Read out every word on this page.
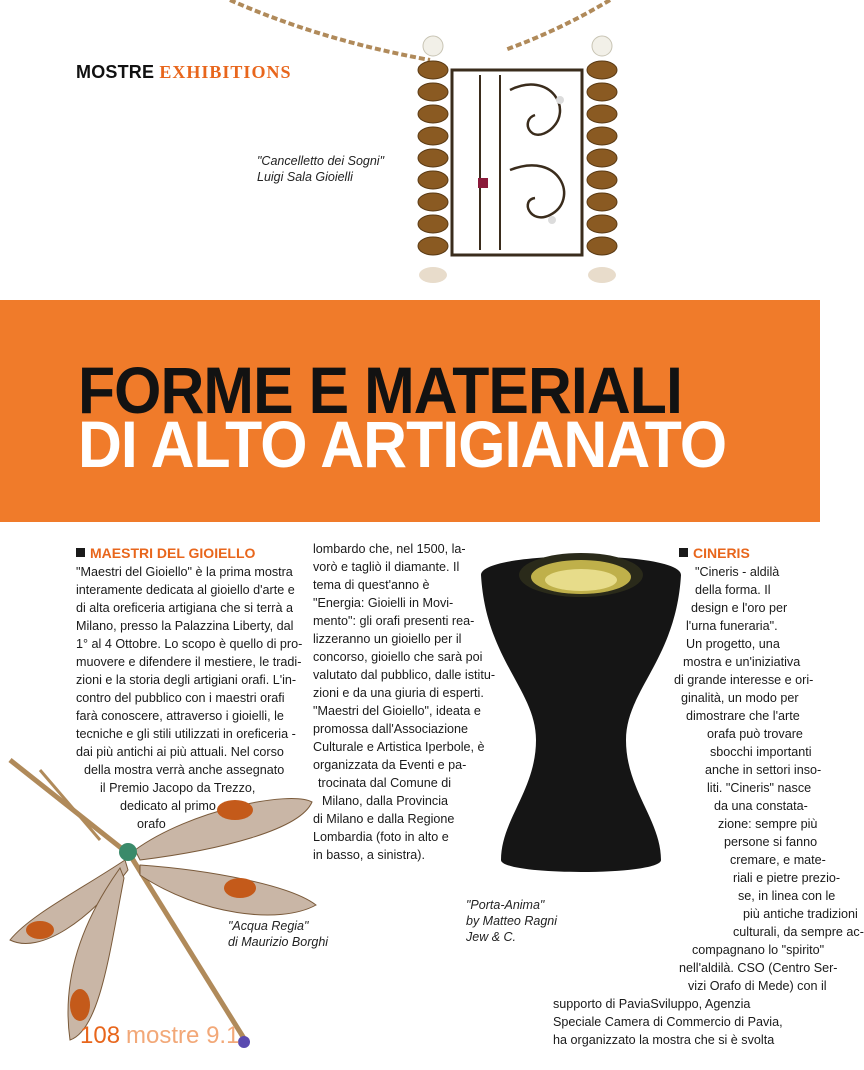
MOSTRE EXHIBITIONS
"Cancelletto dei Sogni"
Luigi Sala Gioielli
FORME E MATERIALI
DI ALTO ARTIGIANATO
MAESTRI DEL GIOIELLO
"Maestri del Gioiello" è la prima mostra
interamente dedicata al gioiello d'arte e
di alta oreficeria artigiana che si terrà a
Milano, presso la Palazzina Liberty, dal
1° al 4 Ottobre. Lo scopo è quello di pro-
muovere e difendere il mestiere, le tradi-
zioni e la storia degli artigiani orafi. L'in-
contro del pubblico con i maestri orafi
farà conoscere, attraverso i gioielli, le
tecniche e gli stili utilizzati in oreficeria -
dai più antichi ai più attuali. Nel corso
della mostra verrà anche assegnato
il Premio Jacopo da Trezzo,
dedicato al primo
orafo
"Acqua Regia"
di Maurizio Borghi
lombardo che, nel 1500, la-
vorò e tagliò il diamante. Il
tema di quest'anno è
"Energia: Gioielli in Movi-
mento": gli orafi presenti rea-
lizzeranno un gioiello per il
concorso, gioiello che sarà poi
valutato dal pubblico, dalle istitu-
zioni e da una giuria di esperti.
"Maestri del Gioiello", ideata e
promossa dall'Associazione
Culturale e Artistica Iperbole, è
organizzata da Eventi e pa-
trocinata dal Comune di
Milano, dalla Provincia
di Milano e dalla Regione
Lombardia (foto in alto e
in basso, a sinistra).
"Porta-Anima"
by Matteo Ragni
Jew & C.
CINERIS
"Cineris - aldilà
della forma. Il
design e l'oro per
l'urna funeraria".
Un progetto, una
mostra e un'iniziativa
di grande interesse e ori-
ginalità, un modo per
dimostrare che l'arte
orafa può trovare
sbocchi importanti
anche in settori inso-
liti. "Cineris" nasce
da una constata-
zione: sempre più
persone si fanno
cremare, e mate-
riali e pietre prezio-
se, in linea con le
più antiche tradizioni
culturali, da sempre ac-
compagnano lo "spirito"
nell'aldilà. CSO (Centro Ser-
vizi Orafo di Mede) con il
supporto di PaviaSviluppo, Agenzia
Speciale Camera di Commercio di Pavia,
ha organizzato la mostra che si è svolta
108 mostre 9.1
